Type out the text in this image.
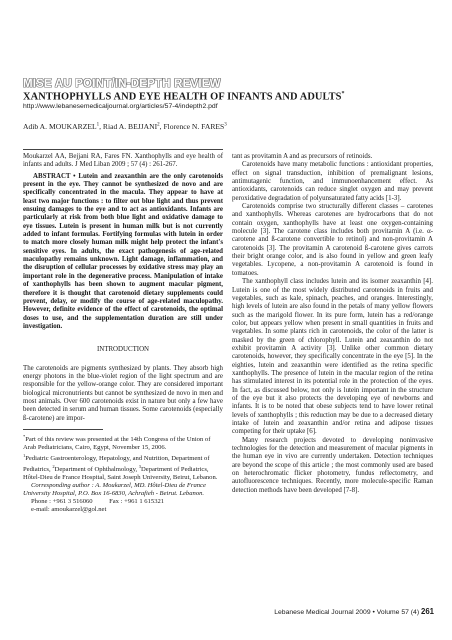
MISE AU POINT/IN-DEPTH REVIEW
XANTHOPHYLLS AND EYE HEALTH OF INFANTS AND ADULTS*
http://www.lebanesemedicaljournal.org/articles/57-4/indepth2.pdf
Adib A. MOUKARZEL$^1$, Riad A. BEJJANI$^2$, Florence N. FARES$^3$

Moukarzel AA, Bejjani RA, Fares FN. Xanthophylls and eye health of infants and adults. J Med Liban 2009 ; 57 (4) : 261-267.

ABSTRACT • Lutein and zeaxanthin are the only carotenoids present in the eye. They cannot be synthesized de novo and are specifically concentrated in the macula. They appear to have at least two major functions : to filter out blue light and thus prevent ensuing damages to the eye and to act as antioxidants. Infants are particularly at risk from both blue light and oxidative damage to eye tissues. Lutein is present in human milk but is not currently added to infant formulas. Fortifying formulas with lutein in order to match more closely human milk might help protect the infant's sensitive eyes. In adults, the exact pathogenesis of age-related maculopathy remains unknown. Light damage, inflammation, and the disruption of cellular processes by oxidative stress may play an important role in the degenerative process. Manipulation of intake of xanthophylls has been shown to augment macular pigment, therefore it is thought that carotenoid dietary supplements could prevent, delay, or modify the course of age-related maculopathy. However, definite evidence of the effect of carotenoids, the optimal doses to use, and the supplementation duration are still under investigation.

INTRODUCTION

The carotenoids are pigments synthesized by plants. They absorb high energy photons in the blue-violet region of the light spectrum and are responsible for the yellow-orange color. They are considered important biological micronutrients but cannot be synthesized de novo in men and most animals. Over 600 carotenoids exist in nature but only a few have been detected in serum and human tissues. Some carotenoids (especially ß-carotene) are impor-

*Part of this review was presented at the 14th Congress of the Union of Arab Pediatricians, Cairo, Egypt, November 15, 2006.
$^1$Pediatric Gastroenterology, Hepatology, and Nutrition, Department of Pediatrics, $^2$Department of Ophthalmology, $^3$Department of Pediatrics, Hôtel-Dieu de France Hospital, Saint Joseph University, Beirut, Lebanon.
Corresponding author : A. Moukarzel, MD. Hôtel-Dieu de France University Hospital, P.O. Box 16-6830, Achrafieh - Beirut. Lebanon.
Phone : +961 3 516060          Fax : +961 1 615321
e-mail: amoukarzel@gol.net

tant as provitamin A and as precursors of retinoids.

Carotenoids have many metabolic functions : antioxidant properties, effect on signal transduction, inhibition of premalignant lesions, antimutagenic function, and immunoenhancement effect. As antioxidants, carotenoids can reduce singlet oxygen and may prevent peroxidative degradation of polyunsaturated fatty acids [1-3].

Carotenoids comprise two structurally different classes – carotenes and xanthophylls. Whereas carotenes are hydrocarbons that do not contain oxygen, xanthophylls have at least one oxygen-containing molecule [3]. The carotene class includes both provitamin A (i.e. α-carotene and ß-carotene convertible to retinol) and non-provitamin A carotenoids [3]. The provitamin A carotenoid ß-carotene gives carrots their bright orange color, and is also found in yellow and green leafy vegetables. Lycopene, a non-provitamin A carotenoid is found in tomatoes.

The xanthophyll class includes lutein and its isomer zeaxanthin [4]. Lutein is one of the most widely distributed carotenoids in fruits and vegetables, such as kale, spinach, peaches, and oranges. Interestingly, high levels of lutein are also found in the petals of many yellow flowers such as the marigold flower. In its pure form, lutein has a red/orange color, but appears yellow when present in small quantities in fruits and vegetables. In some plants rich in carotenoids, the color of the latter is masked by the green of chlorophyll. Lutein and zeaxanthin do not exhibit provitamin A activity [3]. Unlike other common dietary carotenoids, however, they specifically concentrate in the eye [5]. In the eighties, lutein and zeaxanthin were identified as the retina specific xanthophylls. The presence of lutein in the macular region of the retina has stimulated interest in its potential role in the protection of the eyes. In fact, as discussed below, not only is lutein important in the structure of the eye but it also protects the developing eye of newborns and infants. It is to be noted that obese subjects tend to have lower retinal levels of xanthophylls ; this reduction may be due to a decreased dietary intake of lutein and zeaxanthin and/or retina and adipose tissues competing for their uptake [6].

Many research projects devoted to developing noninvasive technologies for the detection and measurement of macular pigments in the human eye in vivo are currently undertaken. Detection techniques are beyond the scope of this article ; the most commonly used are based on heterochromatic flicker photometry, fundus reflectometry, and autofluorescence techniques. Recently, more molecule-specific Raman detection methods have been developed [7-8].

Lebanese Medical Journal 2009 • Volume 57 (4) 261
